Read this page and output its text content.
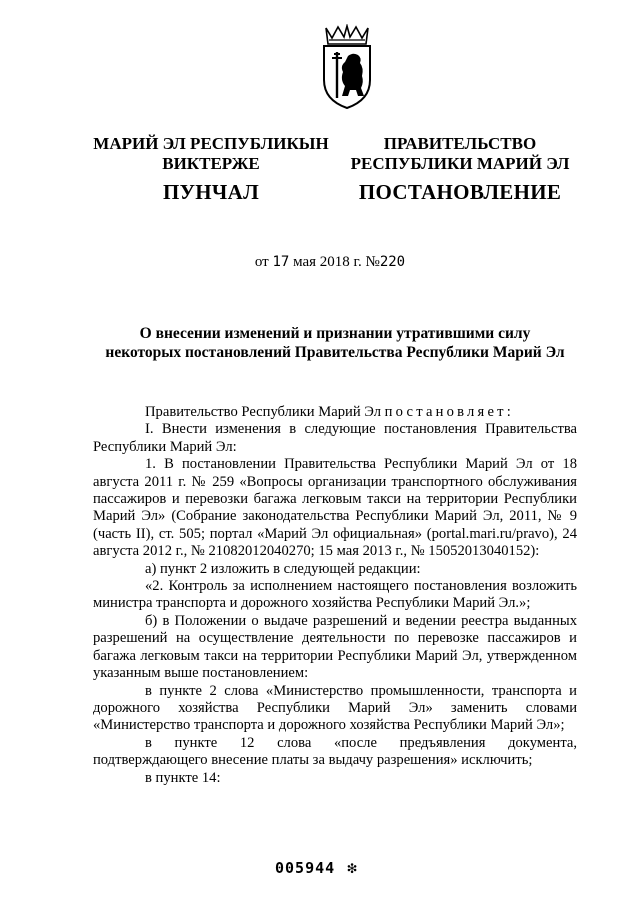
МАРИЙ ЭЛ РЕСПУБЛИКЫН
ВИКТЕРЖЕ
ПУНЧАЛ
ПРАВИТЕЛЬСТВО
РЕСПУБЛИКИ МАРИЙ ЭЛ
ПОСТАНОВЛЕНИЕ
от 17 мая 2018 г. №220
О внесении изменений и признании утратившими силу
некоторых постановлений Правительства Республики Марий Эл

Правительство Республики Марий Эл постановляет:

I. Внести изменения в следующие постановления Правительства Республики Марий Эл:

1. В постановлении Правительства Республики Марий Эл от 18 августа 2011 г. № 259 «Вопросы организации транспортного обслуживания пассажиров и перевозки багажа легковым такси на территории Республики Марий Эл» (Собрание законодательства Республики Марий Эл, 2011, № 9 (часть II), ст. 505; портал «Марий Эл официальная» (portal.mari.ru/pravo), 24 августа 2012 г., № 21082012040270; 15 мая 2013 г., № 15052013040152):

а) пункт 2 изложить в следующей редакции:

«2. Контроль за исполнением настоящего постановления возложить министра транспорта и дорожного хозяйства Республики Марий Эл.»;

б) в Положении о выдаче разрешений и ведении реестра выданных разрешений на осуществление деятельности по перевозке пассажиров и багажа легковым такси на территории Республики Марий Эл, утвержденном указанным выше постановлением:

в пункте 2 слова «Министерство промышленности, транспорта и дорожного хозяйства Республики Марий Эл» заменить словами «Министерство транспорта и дорожного хозяйства Республики Марий Эл»;

в пункте 12 слова «после предъявления документа, подтверждающего внесение платы за выдачу разрешения» исключить;

в пункте 14:

005944 ❇
